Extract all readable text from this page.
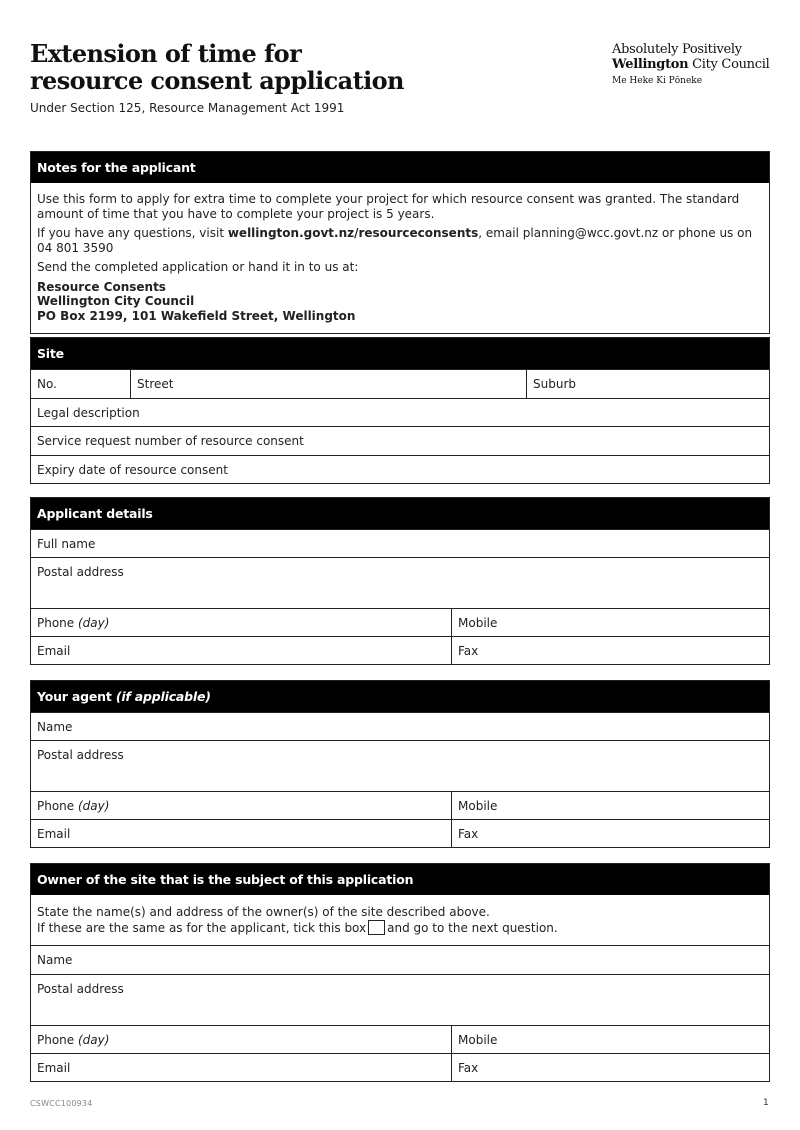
Extension of time for
resource consent application
Under Section 125, Resource Management Act 1991
Absolutely Positively
Wellington City Council
Me Heke Ki Pōneke
Notes for the applicant

Use this form to apply for extra time to complete your project for which resource consent was granted. The standard amount of time that you have to complete your project is 5 years.

If you have any questions, visit wellington.govt.nz/resourceconsents, email planning@wcc.govt.nz or phone us on 04 801 3590

Send the completed application or hand it in to us at:

Resource Consents
Wellington City Council
PO Box 2199, 101 Wakefield Street, Wellington
Site
No.	Street	Suburb
Legal description
Service request number of resource consent
Expiry date of resource consent
Applicant details
Full name
Postal address
Phone (day)	Mobile
Email	Fax
Your agent (if applicable)
Name
Postal address
Phone (day)	Mobile
Email	Fax
Owner of the site that is the subject of this application
State the name(s) and address of the owner(s) of the site described above.
If these are the same as for the applicant, tick this box and go to the next question.
Name
Postal address
Phone (day)	Mobile
Email	Fax
CSWCC100934	1
